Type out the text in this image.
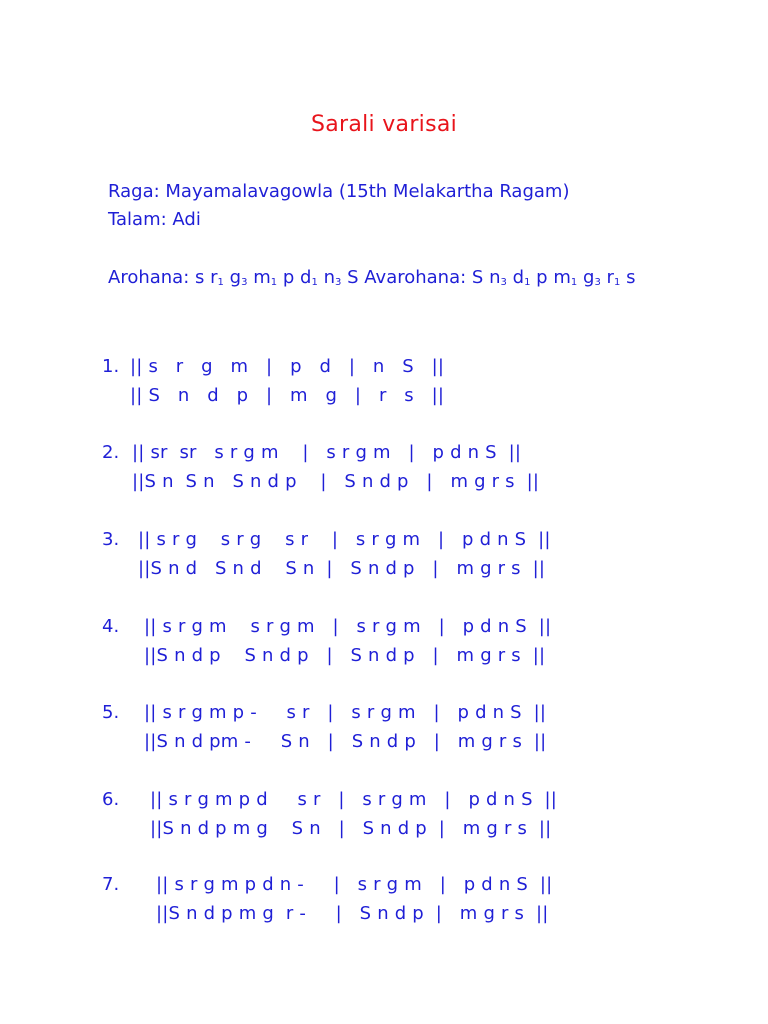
Sarali varisai
Raga: Mayamalavagowla (15th Melakartha Ragam)
Talam: Adi
Arohana: s $r_1$ $g_3$ $m_1$ p $d_1$ $n_3$ S Avarohana: S $n_3$ $d_1$ p $m_1$ $g_3$ $r_1$ s
1. || s   r   g   m   |   p   d   |   n   S   ||
|| S   n   d   p   |   m   g   |   r   s   ||
2. || sr  sr   s r g m    |   s r g m   |   p d n S  ||
||S n  S n   S n d p    |   S n d p   |   m g r s  ||
3. || s r g    s r g    s r    |   s r g m   |   p d n S  ||
||S n d   S n d    S n  |   S n d p   |   m g r s  ||
4. || s r g m    s r g m   |   s r g m   |   p d n S  ||
||S n d p    S n d p   |   S n d p   |   m g r s  ||
5. || s r g m p -     s r   |   s r g m   |   p d n S  ||
||S n d pm -     S n   |   S n d p   |   m g r s  ||
6. || s r g m p d     s r   |   s r g m   |   p d n S  ||
||S n d p m g    S n   |   S n d p  |   m g r s  ||
7. || s r g m p d n -     |   s r g m   |   p d n S  ||
||S n d p m g  r -     |   S n d p  |   m g r s  ||
